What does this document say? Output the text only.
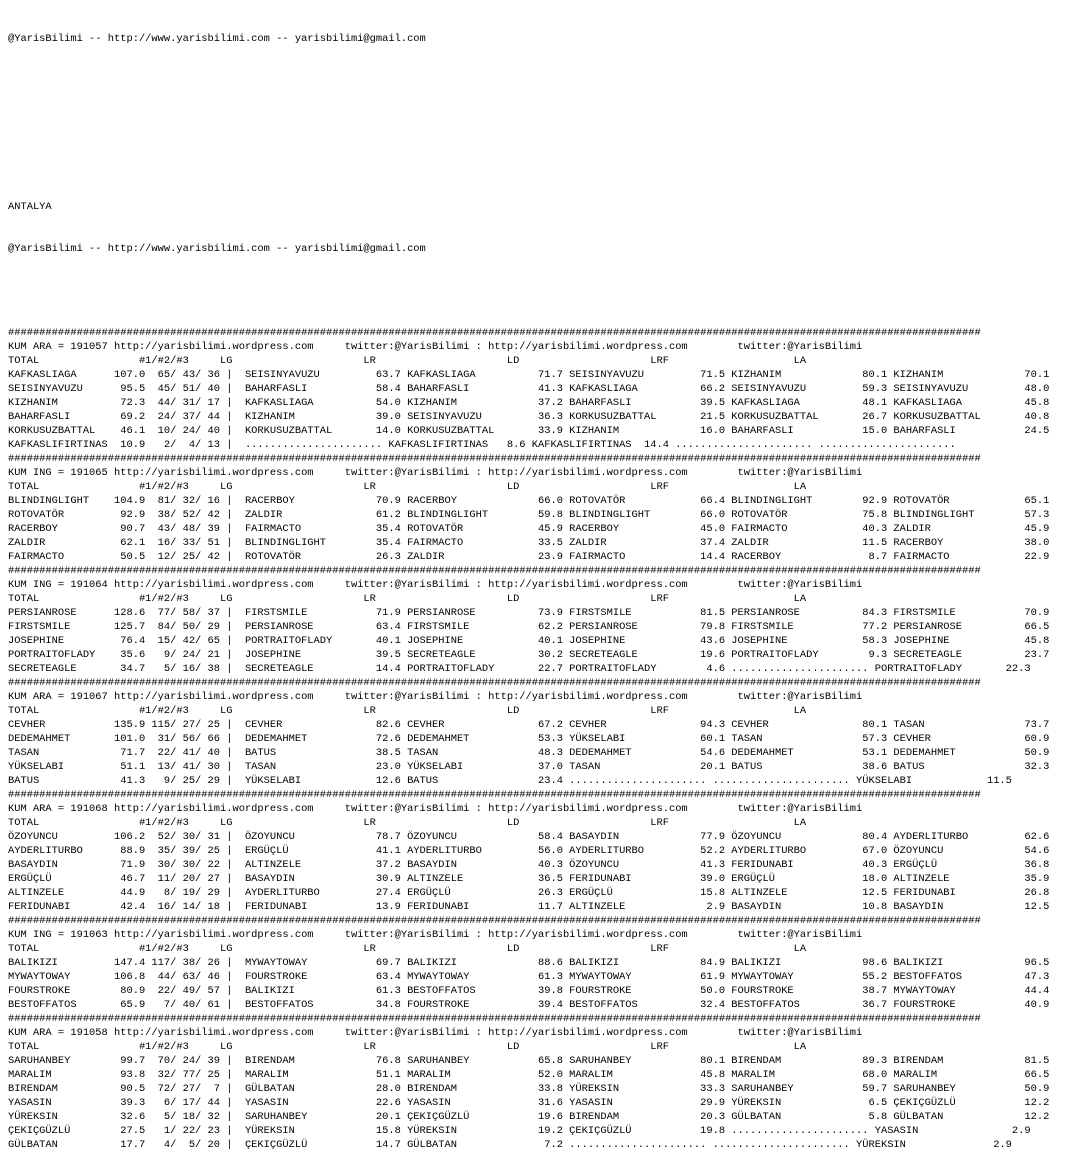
@YarisBilimi -- http://www.yarisbilimi.com -- yarisbilimi@gmail.com

ANTALYA

@YarisBilimi -- http://www.yarisbilimi.com -- yarisbilimi@gmail.com

############################################################################################################################################################
KUM ARA = 191057 http://yarisbilimi.wordpress.com     twitter:@YarisBilimi : http://yarisbilimi.wordpress.com        twitter:@YarisBilimi
TOTAL                #1/#2/#3     LG                     LR                     LD                     LRF                    LA
KAFKASLIAGA      107.0  65/ 43/ 36 |  SEISINYAVUZU         63.7 KAFKASLIAGA          71.7 SEISINYAVUZU         71.5 KIZHANIM             80.1 KIZHANIM             70.1
SEISINYAVUZU      95.5  45/ 51/ 40 |  BAHARFASLI           58.4 BAHARFASLI           41.3 KAFKASLIAGA          66.2 SEISINYAVUZU         59.3 SEISINYAVUZU         48.0
KIZHANIM          72.3  44/ 31/ 17 |  KAFKASLIAGA          54.0 KIZHANIM             37.2 BAHARFASLI           39.5 KAFKASLIAGA          48.1 KAFKASLIAGA          45.8
BAHARFASLI        69.2  24/ 37/ 44 |  KIZHANIM             39.0 SEISINYAVUZU         36.3 KORKUSUZBATTAL       21.5 KORKUSUZBATTAL       26.7 KORKUSUZBATTAL       40.8
KORKUSUZBATTAL    46.1  10/ 24/ 40 |  KORKUSUZBATTAL       14.0 KORKUSUZBATTAL       33.9 KIZHANIM             16.0 BAHARFASLI           15.0 BAHARFASLI           24.5
KAFKASLIFIRTINAS  10.9   2/  4/ 13 |  ...................... KAFKASLIFIRTINAS   8.6 KAFKASLIFIRTINAS  14.4 ...................... ......................
############################################################################################################################################################
KUM ING = 191065 http://yarisbilimi.wordpress.com     twitter:@YarisBilimi : http://yarisbilimi.wordpress.com        twitter:@YarisBilimi
TOTAL                #1/#2/#3     LG                     LR                     LD                     LRF                    LA
BLINDINGLIGHT    104.9  81/ 32/ 16 |  RACERBOY             70.9 RACERBOY             66.0 ROTOVATÖR            66.4 BLINDINGLIGHT        92.9 ROTOVATÖR            65.1
ROTOVATÖR         92.9  38/ 52/ 42 |  ZALDIR               61.2 BLINDINGLIGHT        59.8 BLINDINGLIGHT        66.0 ROTOVATÖR            75.8 BLINDINGLIGHT        57.3
RACERBOY          90.7  43/ 48/ 39 |  FAIRMACTO            35.4 ROTOVATÖR            45.9 RACERBOY             45.0 FAIRMACTO            40.3 ZALDIR               45.9
ZALDIR            62.1  16/ 33/ 51 |  BLINDINGLIGHT        35.4 FAIRMACTO            33.5 ZALDIR               37.4 ZALDIR               11.5 RACERBOY             38.0
FAIRMACTO         50.5  12/ 25/ 42 |  ROTOVATÖR            26.3 ZALDIR               23.9 FAIRMACTO            14.4 RACERBOY              8.7 FAIRMACTO            22.9
############################################################################################################################################################
KUM ING = 191064 http://yarisbilimi.wordpress.com     twitter:@YarisBilimi : http://yarisbilimi.wordpress.com        twitter:@YarisBilimi
TOTAL                #1/#2/#3     LG                     LR                     LD                     LRF                    LA
PERSIANROSE      128.6  77/ 58/ 37 |  FIRSTSMILE           71.9 PERSIANROSE          73.9 FIRSTSMILE           81.5 PERSIANROSE          84.3 FIRSTSMILE           70.9
FIRSTSMILE       125.7  84/ 50/ 29 |  PERSIANROSE          63.4 FIRSTSMILE           62.2 PERSIANROSE          79.8 FIRSTSMILE           77.2 PERSIANROSE          66.5
JOSEPHINE         76.4  15/ 42/ 65 |  PORTRAITOFLADY       40.1 JOSEPHINE            40.1 JOSEPHINE            43.6 JOSEPHINE            58.3 JOSEPHINE            45.8
PORTRAITOFLADY    35.6   9/ 24/ 21 |  JOSEPHINE            39.5 SECRETEAGLE          30.2 SECRETEAGLE          19.6 PORTRAITOFLADY        9.3 SECRETEAGLE          23.7
SECRETEAGLE       34.7   5/ 16/ 38 |  SECRETEAGLE          14.4 PORTRAITOFLADY       22.7 PORTRAITOFLADY        4.6 ...................... PORTRAITOFLADY       22.3
############################################################################################################################################################
KUM ARA = 191067 http://yarisbilimi.wordpress.com     twitter:@YarisBilimi : http://yarisbilimi.wordpress.com        twitter:@YarisBilimi
TOTAL                #1/#2/#3     LG                     LR                     LD                     LRF                    LA
CEVHER           135.9 115/ 27/ 25 |  CEVHER               82.6 CEVHER               67.2 CEVHER               94.3 CEVHER               80.1 TASAN                73.7
DEDEMAHMET       101.0  31/ 56/ 66 |  DEDEMAHMET           72.6 DEDEMAHMET           53.3 YÜKSELABI            60.1 TASAN                57.3 CEVHER               60.9
TASAN             71.7  22/ 41/ 40 |  BATUS                38.5 TASAN                48.3 DEDEMAHMET           54.6 DEDEMAHMET           53.1 DEDEMAHMET           50.9
YÜKSELABI         51.1  13/ 41/ 30 |  TASAN                23.0 YÜKSELABI            37.0 TASAN                20.1 BATUS                38.6 BATUS                32.3
BATUS             41.3   9/ 25/ 29 |  YÜKSELABI            12.6 BATUS                23.4 ...................... ...................... YÜKSELABI            11.5
############################################################################################################################################################
KUM ARA = 191068 http://yarisbilimi.wordpress.com     twitter:@YarisBilimi : http://yarisbilimi.wordpress.com        twitter:@YarisBilimi
TOTAL                #1/#2/#3     LG                     LR                     LD                     LRF                    LA
ÖZOYUNCU         106.2  52/ 30/ 31 |  ÖZOYUNCU             78.7 ÖZOYUNCU             58.4 BASAYDIN             77.9 ÖZOYUNCU             80.4 AYDERLITURBO         62.6
AYDERLITURBO      88.9  35/ 39/ 25 |  ERGÜÇLÜ              41.1 AYDERLITURBO         56.0 AYDERLITURBO         52.2 AYDERLITURBO         67.0 ÖZOYUNCU             54.6
BASAYDIN          71.9  30/ 30/ 22 |  ALTINZELE            37.2 BASAYDIN             40.3 ÖZOYUNCU             41.3 FERIDUNABI           40.3 ERGÜÇLÜ              36.8
ERGÜÇLÜ           46.7  11/ 20/ 27 |  BASAYDIN             30.9 ALTINZELE            36.5 FERIDUNABI           39.0 ERGÜÇLÜ              18.0 ALTINZELE            35.9
ALTINZELE         44.9   8/ 19/ 29 |  AYDERLITURBO         27.4 ERGÜÇLÜ              26.3 ERGÜÇLÜ              15.8 ALTINZELE            12.5 FERIDUNABI           26.8
FERIDUNABI        42.4  16/ 14/ 18 |  FERIDUNABI           13.9 FERIDUNABI           11.7 ALTINZELE             2.9 BASAYDIN             10.8 BASAYDIN             12.5
############################################################################################################################################################
KUM ING = 191063 http://yarisbilimi.wordpress.com     twitter:@YarisBilimi : http://yarisbilimi.wordpress.com        twitter:@YarisBilimi
TOTAL                #1/#2/#3     LG                     LR                     LD                     LRF                    LA
BALIKIZI         147.4 117/ 38/ 26 |  MYWAYTOWAY           69.7 BALIKIZI             88.6 BALIKIZI             84.9 BALIKIZI             98.6 BALIKIZI             96.5
MYWAYTOWAY       106.8  44/ 63/ 46 |  FOURSTROKE           63.4 MYWAYTOWAY           61.3 MYWAYTOWAY           61.9 MYWAYTOWAY           55.2 BESTOFFATOS          47.3
FOURSTROKE        80.9  22/ 49/ 57 |  BALIKIZI             61.3 BESTOFFATOS          39.8 FOURSTROKE           50.0 FOURSTROKE           38.7 MYWAYTOWAY           44.4
BESTOFFATOS       65.9   7/ 40/ 61 |  BESTOFFATOS          34.8 FOURSTROKE           39.4 BESTOFFATOS          32.4 BESTOFFATOS          36.7 FOURSTROKE           40.9
############################################################################################################################################################
KUM ARA = 191058 http://yarisbilimi.wordpress.com     twitter:@YarisBilimi : http://yarisbilimi.wordpress.com        twitter:@YarisBilimi
TOTAL                #1/#2/#3     LG                     LR                     LD                     LRF                    LA
SARUHANBEY        99.7  70/ 24/ 39 |  BIRENDAM             76.8 SARUHANBEY           65.8 SARUHANBEY           80.1 BIRENDAM             89.3 BIRENDAM             81.5
MARALIM           93.8  32/ 77/ 25 |  MARALIM              51.1 MARALIM              52.0 MARALIM              45.8 MARALIM              68.0 MARALIM              66.5
BIRENDAM          90.5  72/ 27/  7 |  GÜLBATAN             28.0 BIRENDAM             33.8 YÜREKSIN             33.3 SARUHANBEY           59.7 SARUHANBEY           50.9
YASASIN           39.3   6/ 17/ 44 |  YASASIN              22.6 YASASIN              31.6 YASASIN              29.9 YÜREKSIN              6.5 ÇEKIÇGÜZLÜ           12.2
YÜREKSIN          32.6   5/ 18/ 32 |  SARUHANBEY           20.1 ÇEKIÇGÜZLÜ           19.6 BIRENDAM             20.3 GÜLBATAN              5.8 GÜLBATAN             12.2
ÇEKIÇGÜZLÜ        27.5   1/ 22/ 23 |  YÜREKSIN             15.8 YÜREKSIN             19.2 ÇEKIÇGÜZLÜ           19.8 ...................... YASASIN               2.9
GÜLBATAN          17.7   4/  5/ 20 |  ÇEKIÇGÜZLÜ           14.7 GÜLBATAN              7.2 ...................... ...................... YÜREKSIN              2.9
